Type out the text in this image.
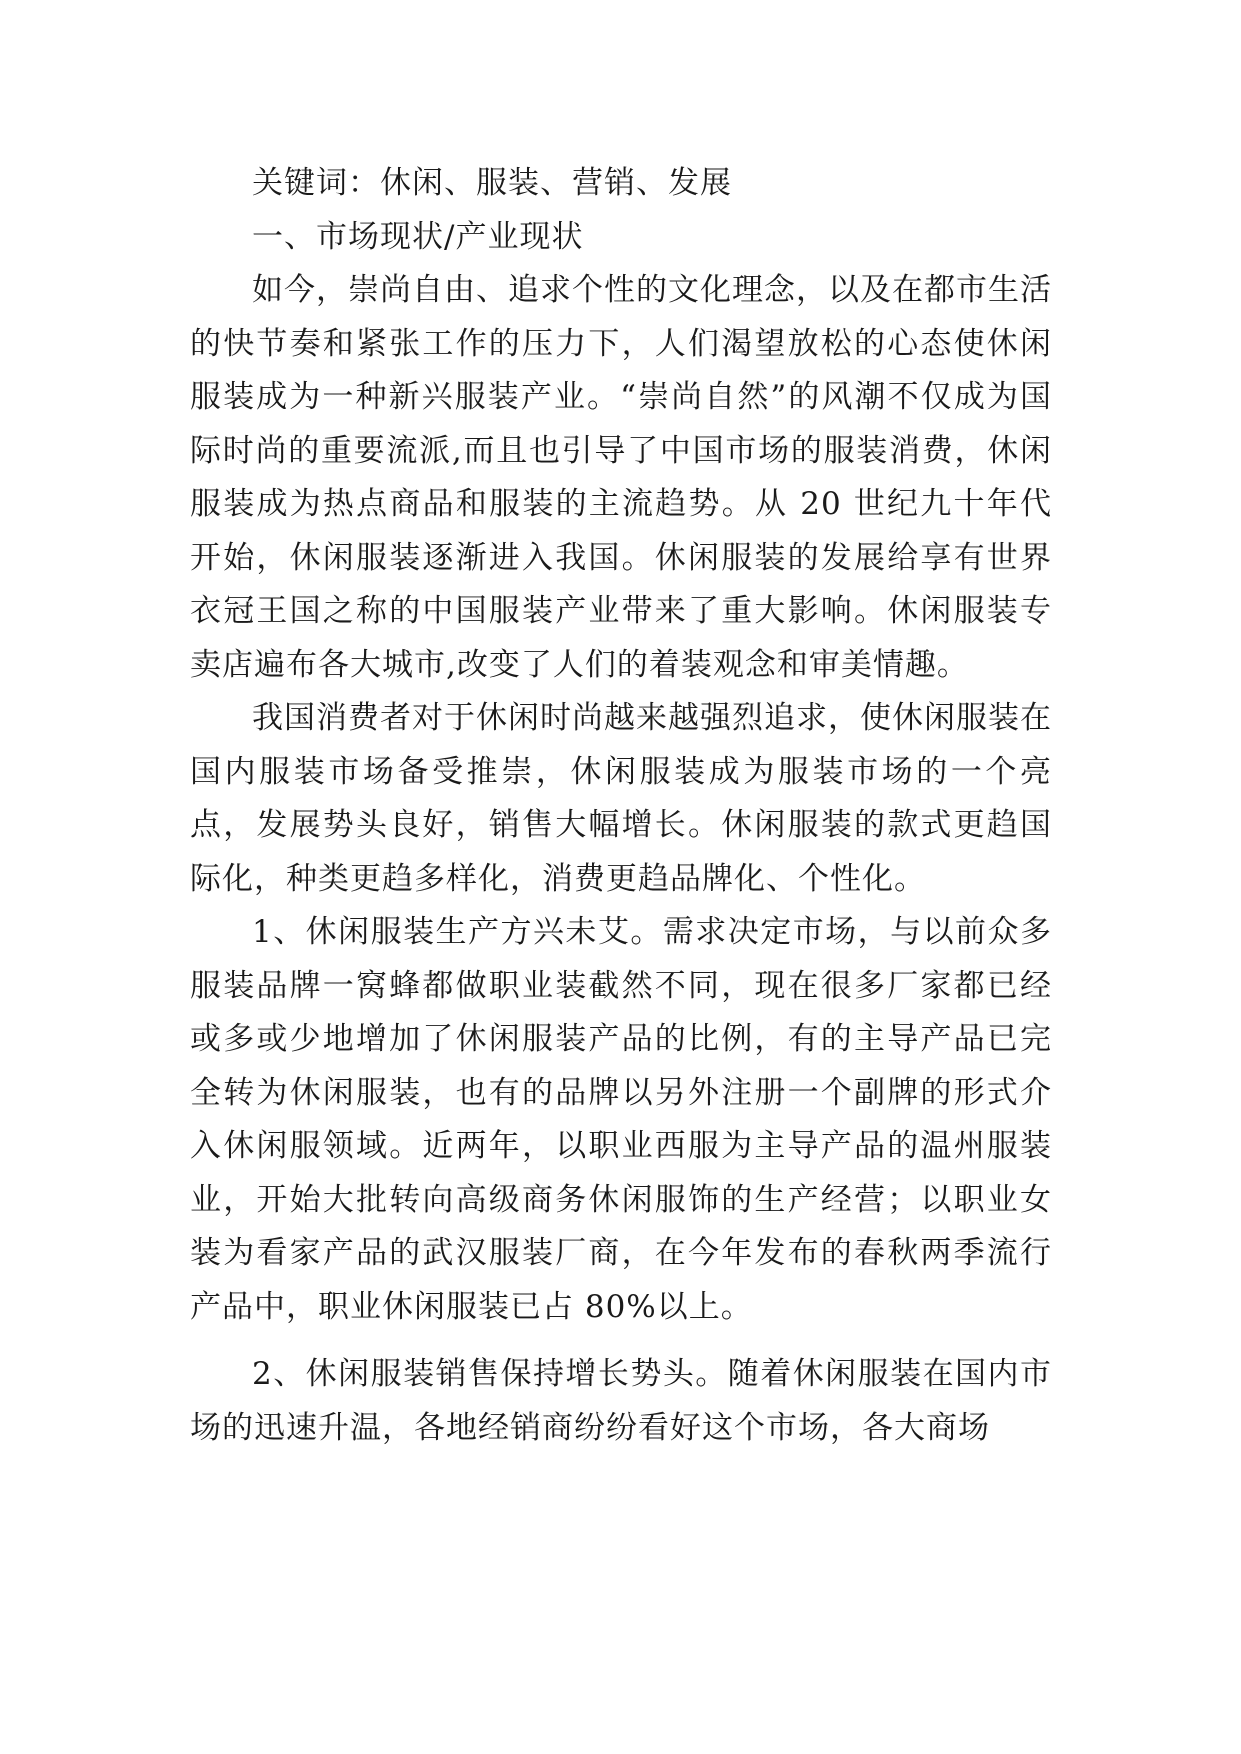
关键词：休闲、服装、营销、发展

一、市场现状/产业现状

如今，崇尚自由、追求个性的文化理念，以及在都市生活的快节奏和紧张工作的压力下，人们渴望放松的心态使休闲服装成为一种新兴服装产业。“崇尚自然”的风潮不仅成为国际时尚的重要流派,而且也引导了中国市场的服装消费，休闲服装成为热点商品和服装的主流趋势。从 20 世纪九十年代开始，休闲服装逐渐进入我国。休闲服装的发展给享有世界衣冠王国之称的中国服装产业带来了重大影响。休闲服装专卖店遍布各大城市,改变了人们的着装观念和审美情趣。

我国消费者对于休闲时尚越来越强烈追求，使休闲服装在国内服装市场备受推崇，休闲服装成为服装市场的一个亮点，发展势头良好，销售大幅增长。休闲服装的款式更趋国际化，种类更趋多样化，消费更趋品牌化、个性化。

1、休闲服装生产方兴未艾。需求决定市场，与以前众多服装品牌一窝蜂都做职业装截然不同，现在很多厂家都已经或多或少地增加了休闲服装产品的比例，有的主导产品已完全转为休闲服装，也有的品牌以另外注册一个副牌的形式介入休闲服领域。近两年，以职业西服为主导产品的温州服装业，开始大批转向高级商务休闲服饰的生产经营；以职业女装为看家产品的武汉服装厂商，在今年发布的春秋两季流行产品中，职业休闲服装已占 80%以上。

2、休闲服装销售保持增长势头。随着休闲服装在国内市场的迅速升温，各地经销商纷纷看好这个市场，各大商场
